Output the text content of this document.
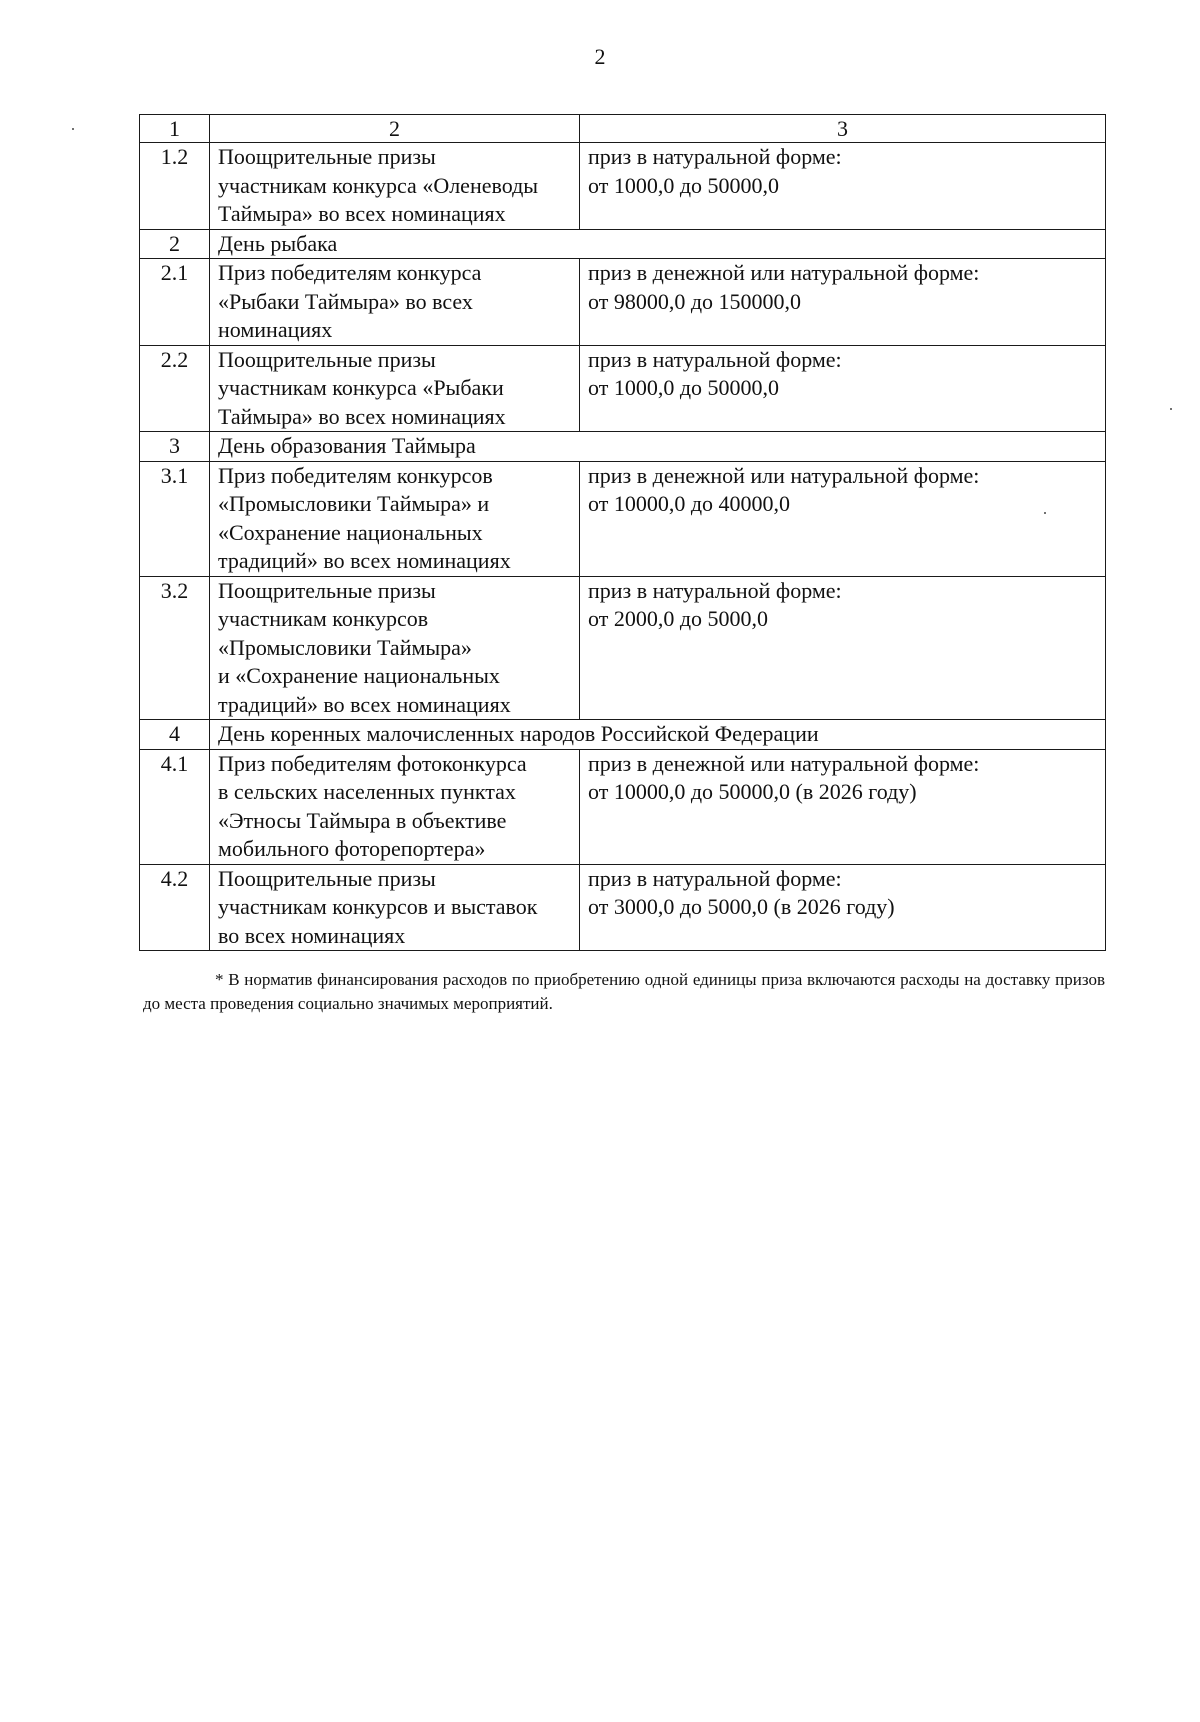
2
1	2	3
1.2	Поощрительные призы
участникам конкурса «Оленеводы
Таймыра» во всех номинациях	приз в натуральной форме:
от 1000,0 до 50000,0

2	День рыбака	
2.1	Приз победителям конкурса
«Рыбаки Таймыра» во всех
номинациях	приз в денежной или натуральной форме:
от 98000,0 до 150000,0

2.2	Поощрительные призы
участникам конкурса «Рыбаки
Таймыра» во всех номинациях	приз в натуральной форме:
от 1000,0 до 50000,0

3	День образования Таймыра	
3.1	Приз победителям конкурсов
«Промысловики Таймыра» и
«Сохранение национальных
традиций» во всех номинациях	приз в денежной или натуральной форме:
от 10000,0 до 40000,0

3.2	Поощрительные призы
участникам конкурсов
«Промысловики Таймыра»
и «Сохранение национальных
традиций» во всех номинациях	приз в натуральной форме:
от 2000,0 до 5000,0

4	День коренных малочисленных народов Российской Федерации	
4.1	Приз победителям фотоконкурса
в сельских населенных пунктах
«Этносы Таймыра в объективе
мобильного фоторепортера»	приз в денежной или натуральной форме:
от 10000,0 до 50000,0 (в 2026 году)

4.2	Поощрительные призы
участникам конкурсов и выставок
во всех номинациях	приз в натуральной форме:
от 3000,0 до 5000,0 (в 2026 году)
* В норматив финансирования расходов по приобретению одной единицы приза включаются расходы на доставку призов до места проведения социально значимых мероприятий.
